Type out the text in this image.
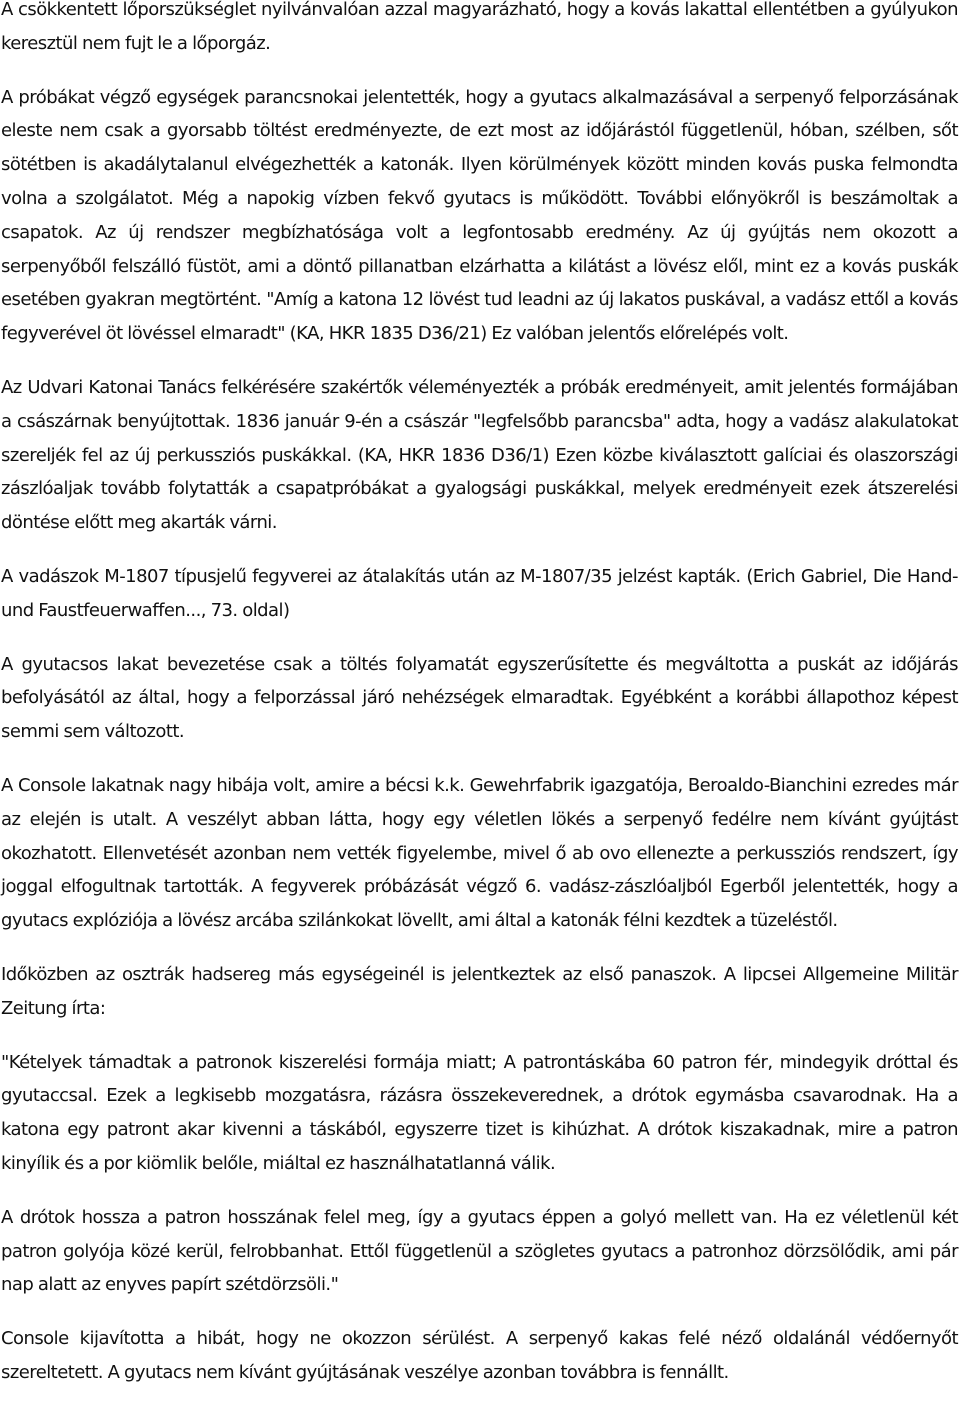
A csökkentett lőporszükséglet nyilvánvalóan azzal magyarázható, hogy a kovás lakattal ellentétben a gyúlyukon keresztül nem fujt le a lőporgáz.

A próbákat végző egységek parancsnokai jelentették, hogy a gyutacs alkalmazásával a serpenyő felporzásának eleste nem csak a gyorsabb töltést eredményezte, de ezt most az időjárástól függetlenül, hóban, szélben, sőt sötétben is akadálytalanul elvégezhették a katonák. Ilyen körülmények között minden kovás puska felmondta volna a szolgálatot. Még a napokig vízben fekvő gyutacs is működött. További előnyökről is beszámoltak a csapatok. Az új rendszer megbízhatósága volt a legfontosabb eredmény. Az új gyújtás nem okozott a serpenyőből felszálló füstöt, ami a döntő pillanatban elzárhatta a kilátást a lövész elől, mint ez a kovás puskák esetében gyakran megtörtént. "Amíg a katona 12 lövést tud leadni az új lakatos puskával, a vadász ettől a kovás fegyverével öt lövéssel elmaradt" (KA, HKR 1835 D36/21) Ez valóban jelentős előrelépés volt.

Az Udvari Katonai Tanács felkérésére szakértők véleményezték a próbák eredményeit, amit jelentés formájában a császárnak benyújtottak. 1836 január 9-én a császár "legfelsőbb parancsba" adta, hogy a vadász alakulatokat szereljék fel az új perkussziós puskákkal. (KA, HKR 1836 D36/1) Ezen közbe kiválasztott galíciai és olaszországi zászlóaljak tovább folytatták a csapatpróbákat a gyalogsági puskákkal, melyek eredményeit ezek átszerelési döntése előtt meg akarták várni.

A vadászok M-1807 típusjelű fegyverei az átalakítás után az M-1807/35 jelzést kapták. (Erich Gabriel, Die Hand- und Faustfeuerwaffen..., 73. oldal)

A gyutacsos lakat bevezetése csak a töltés folyamatát egyszerűsítette és megváltotta a puskát az időjárás befolyásától az által, hogy a felporzással járó nehézségek elmaradtak. Egyébként a korábbi állapothoz képest semmi sem változott.

A Console lakatnak nagy hibája volt, amire a bécsi k.k. Gewehrfabrik igazgatója, Beroaldo-Bianchini ezredes már az elején is utalt. A veszélyt abban látta, hogy egy véletlen lökés a serpenyő fedélre nem kívánt gyújtást okozhatott. Ellenvetését azonban nem vették figyelembe, mivel ő ab ovo ellenezte a perkussziós rendszert, így joggal elfogultnak tartották. A fegyverek próbázását végző 6. vadász-zászlóaljból Egerből jelentették, hogy a gyutacs explóziója a lövész arcába szilánkokat lövellt, ami által a katonák félni kezdtek a tüzeléstől.

Időközben az osztrák hadsereg más egységeinél is jelentkeztek az első panaszok. A lipcsei Allgemeine Militär Zeitung írta:

"Kételyek támadtak a patronok kiszerelési formája miatt; A patrontáskába 60 patron fér, mindegyik dróttal és gyutaccsal. Ezek a legkisebb mozgatásra, rázásra összekeverednek, a drótok egymásba csavarodnak. Ha a katona egy patront akar kivenni a táskából, egyszerre tizet is kihúzhat. A drótok kiszakadnak, mire a patron kinyílik és a por kiömlik belőle, miáltal ez használhatatlanná válik.

A drótok hossza a patron hosszának felel meg, így a gyutacs éppen a golyó mellett van. Ha ez véletlenül két patron golyója közé kerül, felrobbanhat. Ettől függetlenül a szögletes gyutacs a patronhoz dörzsölődik, ami pár nap alatt az enyves papírt szétdörzsöli."

Console kijavította a hibát, hogy ne okozzon sérülést. A serpenyő kakas felé néző oldalánál védőernyőt szereltetett. A gyutacs nem kívánt gyújtásának veszélye azonban továbbra is fennállt.
